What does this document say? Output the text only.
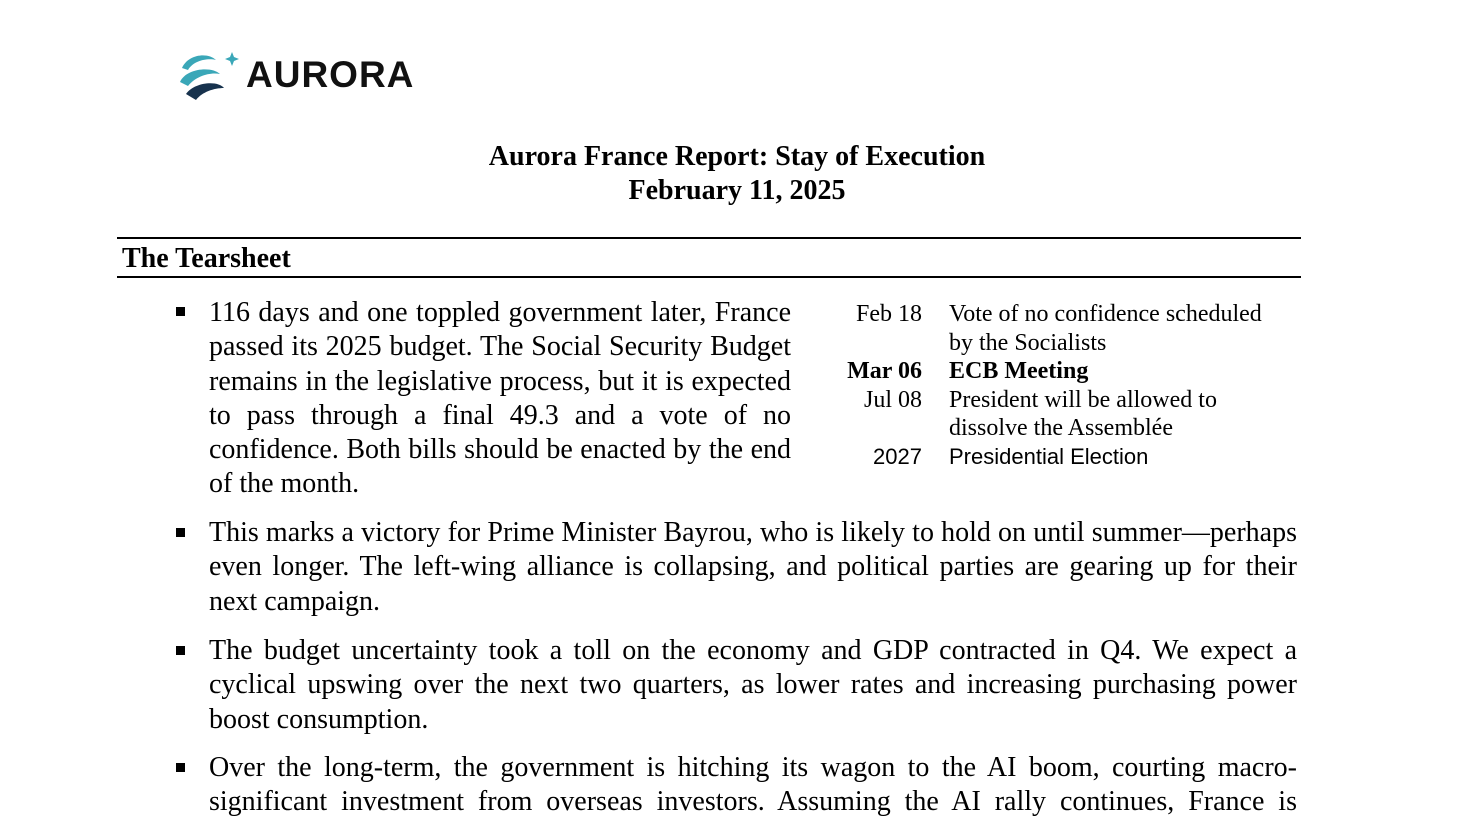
AURORA
Aurora France Report: Stay of Execution
February 11, 2025
The Tearsheet
116 days and one toppled government later, France passed its 2025 budget. The Social Security Budget remains in the legislative process, but it is expected to pass through a final 49.3 and a vote of no confidence. Both bills should be enacted by the end of the month.
Feb 18 Vote of no confidence scheduled by the Socialists
Mar 06 ECB Meeting
Jul 08 President will be allowed to dissolve the Assemblée
2027 Presidential Election
This marks a victory for Prime Minister Bayrou, who is likely to hold on until summer—perhaps even longer. The left-wing alliance is collapsing, and political parties are gearing up for their next campaign.
The budget uncertainty took a toll on the economy and GDP contracted in Q4. We expect a cyclical upswing over the next two quarters, as lower rates and increasing purchasing power boost consumption.
Over the long-term, the government is hitching its wagon to the AI boom, courting macro-significant investment from overseas investors. Assuming the AI rally continues, France is
